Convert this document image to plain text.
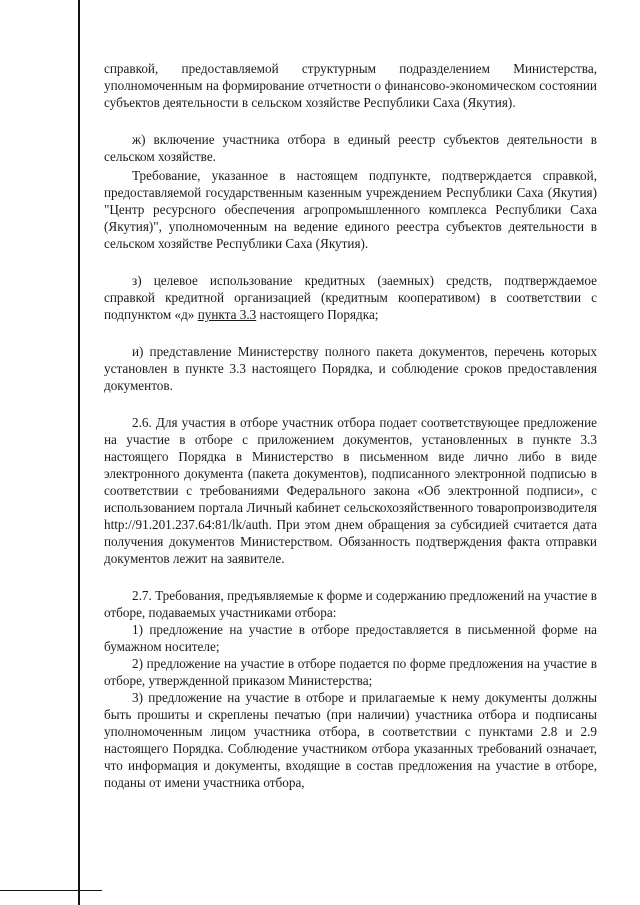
справкой, предоставляемой структурным подразделением Министерства, уполномоченным на формирование отчетности о финансово-экономическом состоянии субъектов деятельности в сельском хозяйстве Республики Саха (Якутия).

ж) включение участника отбора в единый реестр субъектов деятельности в сельском хозяйстве.

Требование, указанное в настоящем подпункте, подтверждается справкой, предоставляемой государственным казенным учреждением Республики Саха (Якутия) "Центр ресурсного обеспечения агропромышленного комплекса Республики Саха (Якутия)", уполномоченным на ведение единого реестра субъектов деятельности в сельском хозяйстве Республики Саха (Якутия).

з) целевое использование кредитных (заемных) средств, подтверждаемое справкой кредитной организацией (кредитным кооперативом) в соответствии с подпунктом «д» пункта 3.3 настоящего Порядка;

и) представление Министерству полного пакета документов, перечень которых установлен в пункте 3.3 настоящего Порядка, и соблюдение сроков предоставления документов.

2.6. Для участия в отборе участник отбора подает соответствующее предложение на участие в отборе с приложением документов, установленных в пункте 3.3 настоящего Порядка в Министерство в письменном виде лично либо в виде электронного документа (пакета документов), подписанного электронной подписью в соответствии с требованиями Федерального закона «Об электронной подписи», с использованием портала Личный кабинет сельскохозяйственного товаропроизводителя http://91.201.237.64:81/lk/auth. При этом днем обращения за субсидией считается дата получения документов Министерством. Обязанность подтверждения факта отправки документов лежит на заявителе.

2.7. Требования, предъявляемые к форме и содержанию предложений на участие в отборе, подаваемых участниками отбора:

1) предложение на участие в отборе предоставляется в письменной форме на бумажном носителе;

2) предложение на участие в отборе подается по форме предложения на участие в отборе, утвержденной приказом Министерства;

3) предложение на участие в отборе и прилагаемые к нему документы должны быть прошиты и скреплены печатью (при наличии) участника отбора и подписаны уполномоченным лицом участника отбора, в соответствии с пунктами 2.8 и 2.9 настоящего Порядка. Соблюдение участником отбора указанных требований означает, что информация и документы, входящие в состав предложения на участие в отборе, поданы от имени участника отбора,
